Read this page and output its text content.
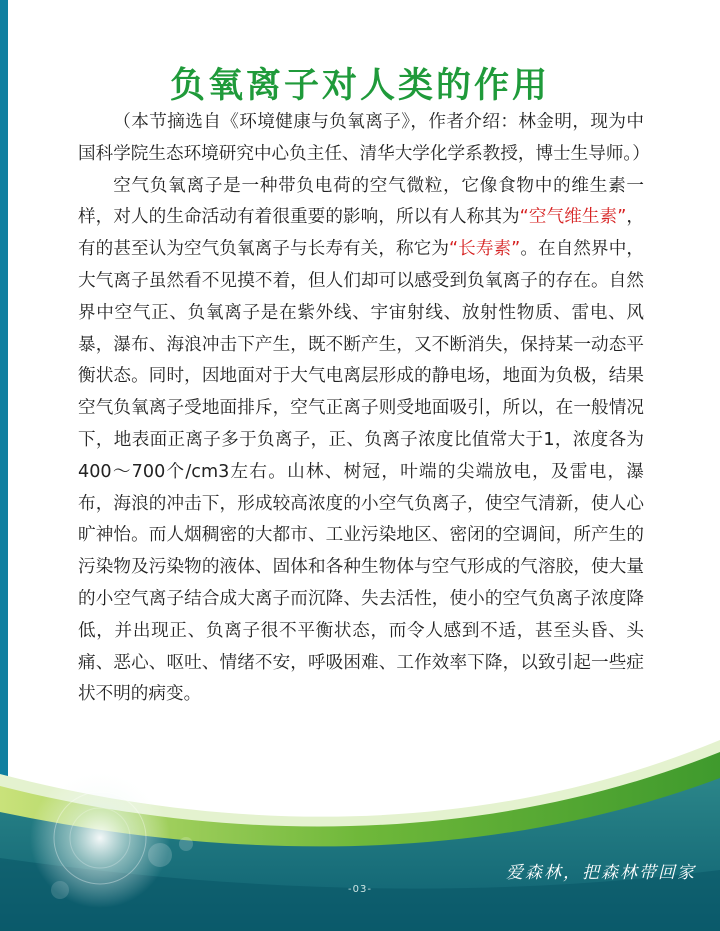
负氧离子对人类的作用

（本节摘选自《环境健康与负氧离子》，作者介绍：林金明，现为中国科学院生态环境研究中心负主任、清华大学化学系教授，博士生导师。）

空气负氧离子是一种带负电荷的空气微粒，它像食物中的维生素一样，对人的生命活动有着很重要的影响，所以有人称其为“空气维生素”，有的甚至认为空气负氧离子与长寿有关，称它为“长寿素”。在自然界中，大气离子虽然看不见摸不着，但人们却可以感受到负氧离子的存在。自然界中空气正、负氧离子是在紫外线、宇宙射线、放射性物质、雷电、风暴，瀑布、海浪冲击下产生，既不断产生，又不断消失，保持某一动态平衡状态。同时，因地面对于大气电离层形成的静电场，地面为负极，结果空气负氧离子受地面排斥，空气正离子则受地面吸引，所以，在一般情况下，地表面正离子多于负离子，正、负离子浓度比值常大于1，浓度各为400～700个/cm3左右。山林、树冠，叶端的尖端放电，及雷电，瀑布，海浪的冲击下，形成较高浓度的小空气负离子，使空气清新，使人心旷神怡。而人烟稠密的大都市、工业污染地区、密闭的空调间，所产生的污染物及污染物的液体、固体和各种生物体与空气形成的气溶胶，使大量的小空气离子结合成大离子而沉降、失去活性，使小的空气负离子浓度降低，并出现正、负离子很不平衡状态，而令人感到不适，甚至头昏、头痛、恶心、呕吐、情绪不安，呼吸困难、工作效率下降，以致引起一些症状不明的病变。

-03-
爱森林，把森林带回家
